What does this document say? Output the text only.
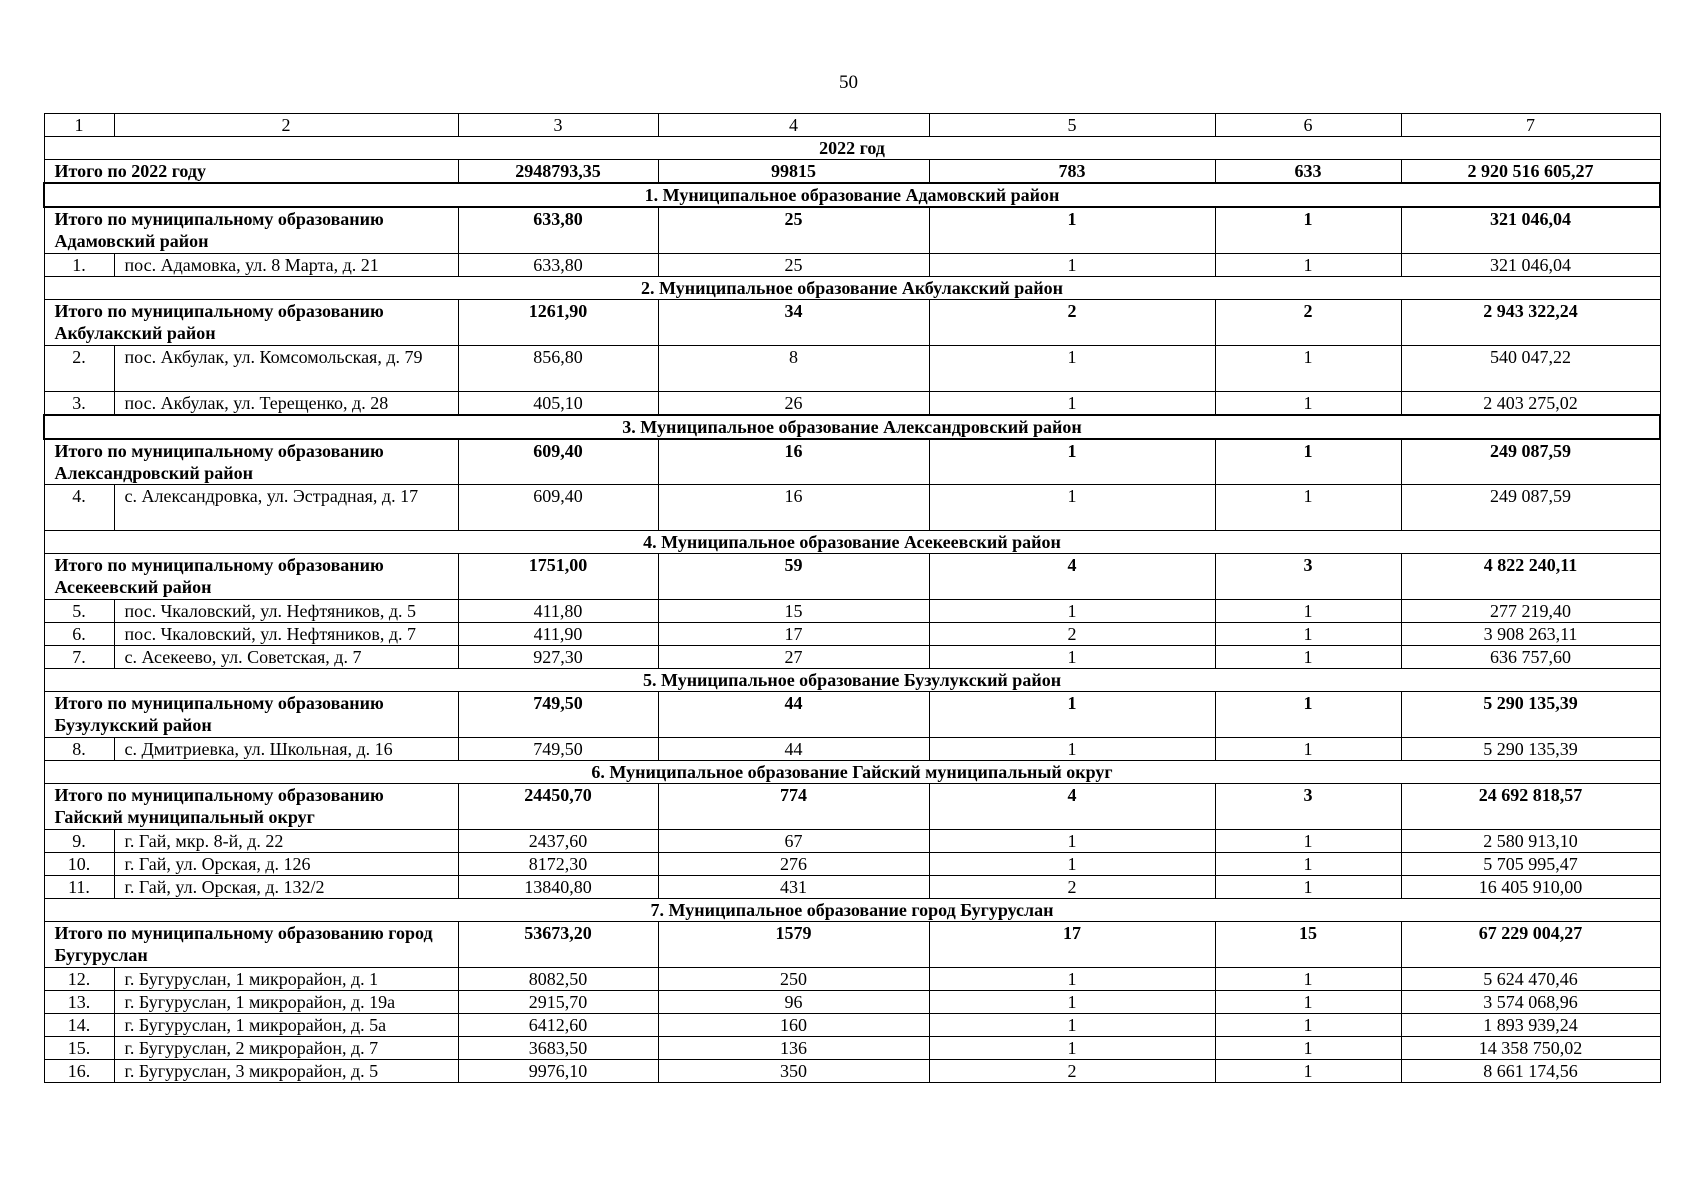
50
1	2	3	4	5	6	7
2022 год						
Итого по 2022 году		2948793,35	99815	783	633	2 920 516 605,27
1. Муниципальное образование Адамовский район						
Итого по муниципальному образованию Адамовский район		633,80	25	1	1	321 046,04
1.	пос. Адамовка, ул. 8 Марта, д. 21	633,80	25	1	1	321 046,04
2. Муниципальное образование Акбулакский район						
Итого по муниципальному образованию Акбулакский район		1261,90	34	2	2	2 943 322,24
2.	пос. Акбулак, ул. Комсомольская, д. 79	856,80	8	1	1	540 047,22
3.	пос. Акбулак, ул. Терещенко, д. 28	405,10	26	1	1	2 403 275,02
3. Муниципальное образование Александровский район						
Итого по муниципальному образованию Александровский район		609,40	16	1	1	249 087,59
4.	с. Александровка, ул. Эстрадная, д. 17	609,40	16	1	1	249 087,59
4. Муниципальное образование Асекеевский район						
Итого по муниципальному образованию Асекеевский район		1751,00	59	4	3	4 822 240,11
5.	пос. Чкаловский, ул. Нефтяников, д. 5	411,80	15	1	1	277 219,40
6.	пос. Чкаловский, ул. Нефтяников, д. 7	411,90	17	2	1	3 908 263,11
7.	с. Асекеево, ул. Советская, д. 7	927,30	27	1	1	636 757,60
5. Муниципальное образование Бузулукский район						
Итого по муниципальному образованию Бузулукский район		749,50	44	1	1	5 290 135,39
8.	с. Дмитриевка, ул. Школьная, д. 16	749,50	44	1	1	5 290 135,39
6. Муниципальное образование Гайский муниципальный округ						
Итого по муниципальному образованию Гайский муниципальный округ		24450,70	774	4	3	24 692 818,57
9.	г. Гай, мкр. 8-й, д. 22	2437,60	67	1	1	2 580 913,10
10.	г. Гай, ул. Орская, д. 126	8172,30	276	1	1	5 705 995,47
11.	г. Гай, ул. Орская, д. 132/2	13840,80	431	2	1	16 405 910,00
7. Муниципальное образование город Бугуруслан						
Итого по муниципальному образованию город Бугуруслан		53673,20	1579	17	15	67 229 004,27
12.	г. Бугуруслан, 1 микрорайон, д. 1	8082,50	250	1	1	5 624 470,46
13.	г. Бугуруслан, 1 микрорайон, д. 19а	2915,70	96	1	1	3 574 068,96
14.	г. Бугуруслан, 1 микрорайон, д. 5а	6412,60	160	1	1	1 893 939,24
15.	г. Бугуруслан, 2 микрорайон, д. 7	3683,50	136	1	1	14 358 750,02
16.	г. Бугуруслан, 3 микрорайон, д. 5	9976,10	350	2	1	8 661 174,56
